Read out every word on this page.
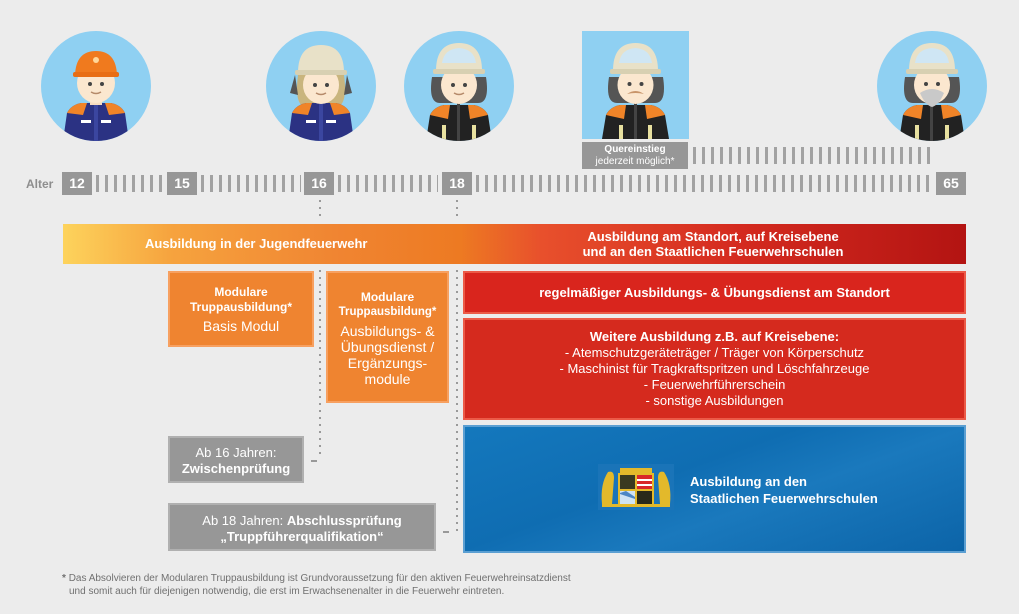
Quereinstieg
jederzeit möglich*
Alter	12	15	16	18	65
Ausbildung in der Jugendfeuerwehr	Ausbildung am Standort, auf Kreisebene
und an den Staatlichen Feuerwehrschulen
Modulare
Truppausbildung*
Basis Modul
Modulare
Truppausbildung*
Ausbildungs- &
Übungsdienst /
Ergänzungs-
module
regelmäßiger Ausbildungs- & Übungsdienst am Standort
Weitere Ausbildung z.B. auf Kreisebene:
- Atemschutzgeräteträger / Träger von Körperschutz
- Maschinist für Tragkraftspritzen und Löschfahrzeuge
- Feuerwehrführerschein
- sonstige Ausbildungen
Ausbildung an den
Staatlichen Feuerwehrschulen
Ab 16 Jahren:
Zwischenprüfung
Ab 18 Jahren: Abschlussprüfung
„Truppführerqualifikation“
* Das Absolvieren der Modularen Truppausbildung ist Grundvoraussetzung für den aktiven Feuerwehreinsatzdienst
und somit auch für diejenigen notwendig, die erst im Erwachsenenalter in die Feuerwehr eintreten.
